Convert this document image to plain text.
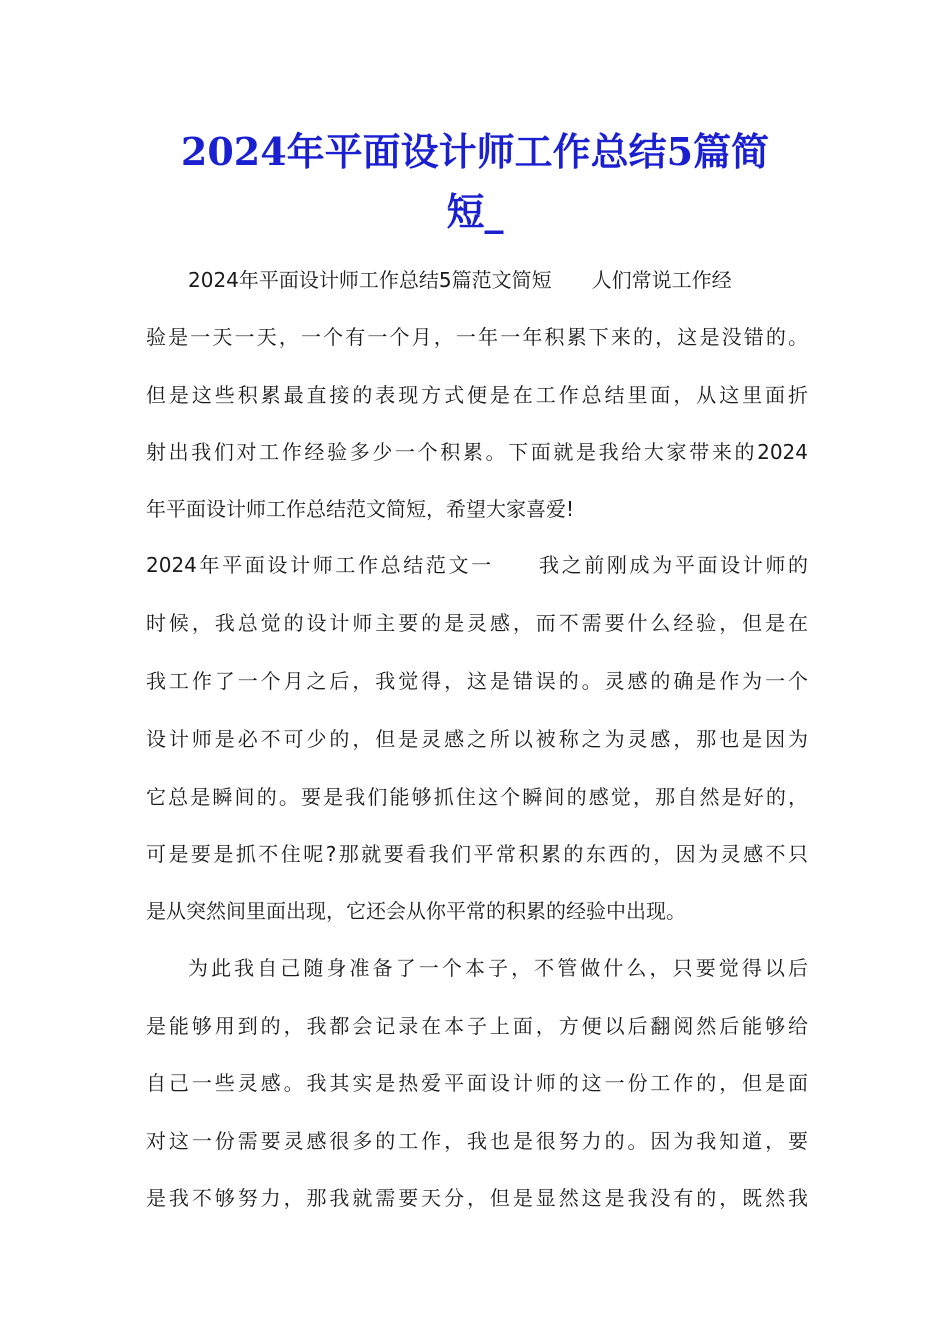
2024年平面设计师工作总结5篇简
短_
2024年平面设计师工作总结5篇范文简短　　人们常说工作经
验是一天一天，一个有一个月，一年一年积累下来的，这是没错的。
但是这些积累最直接的表现方式便是在工作总结里面，从这里面折
射出我们对工作经验多少一个积累。下面就是我给大家带来的2024
年平面设计师工作总结范文简短，希望大家喜爱!
2024年平面设计师工作总结范文一　　我之前刚成为平面设计师的
时候，我总觉的设计师主要的是灵感，而不需要什么经验，但是在
我工作了一个月之后，我觉得，这是错误的。灵感的确是作为一个
设计师是必不可少的，但是灵感之所以被称之为灵感，那也是因为
它总是瞬间的。要是我们能够抓住这个瞬间的感觉，那自然是好的，
可是要是抓不住呢?那就要看我们平常积累的东西的，因为灵感不只
是从突然间里面出现，它还会从你平常的积累的经验中出现。
为此我自己随身准备了一个本子，不管做什么，只要觉得以后
是能够用到的，我都会记录在本子上面，方便以后翻阅然后能够给
自己一些灵感。我其实是热爱平面设计师的这一份工作的，但是面
对这一份需要灵感很多的工作，我也是很努力的。因为我知道，要
是我不够努力，那我就需要天分，但是显然这是我没有的，既然我
